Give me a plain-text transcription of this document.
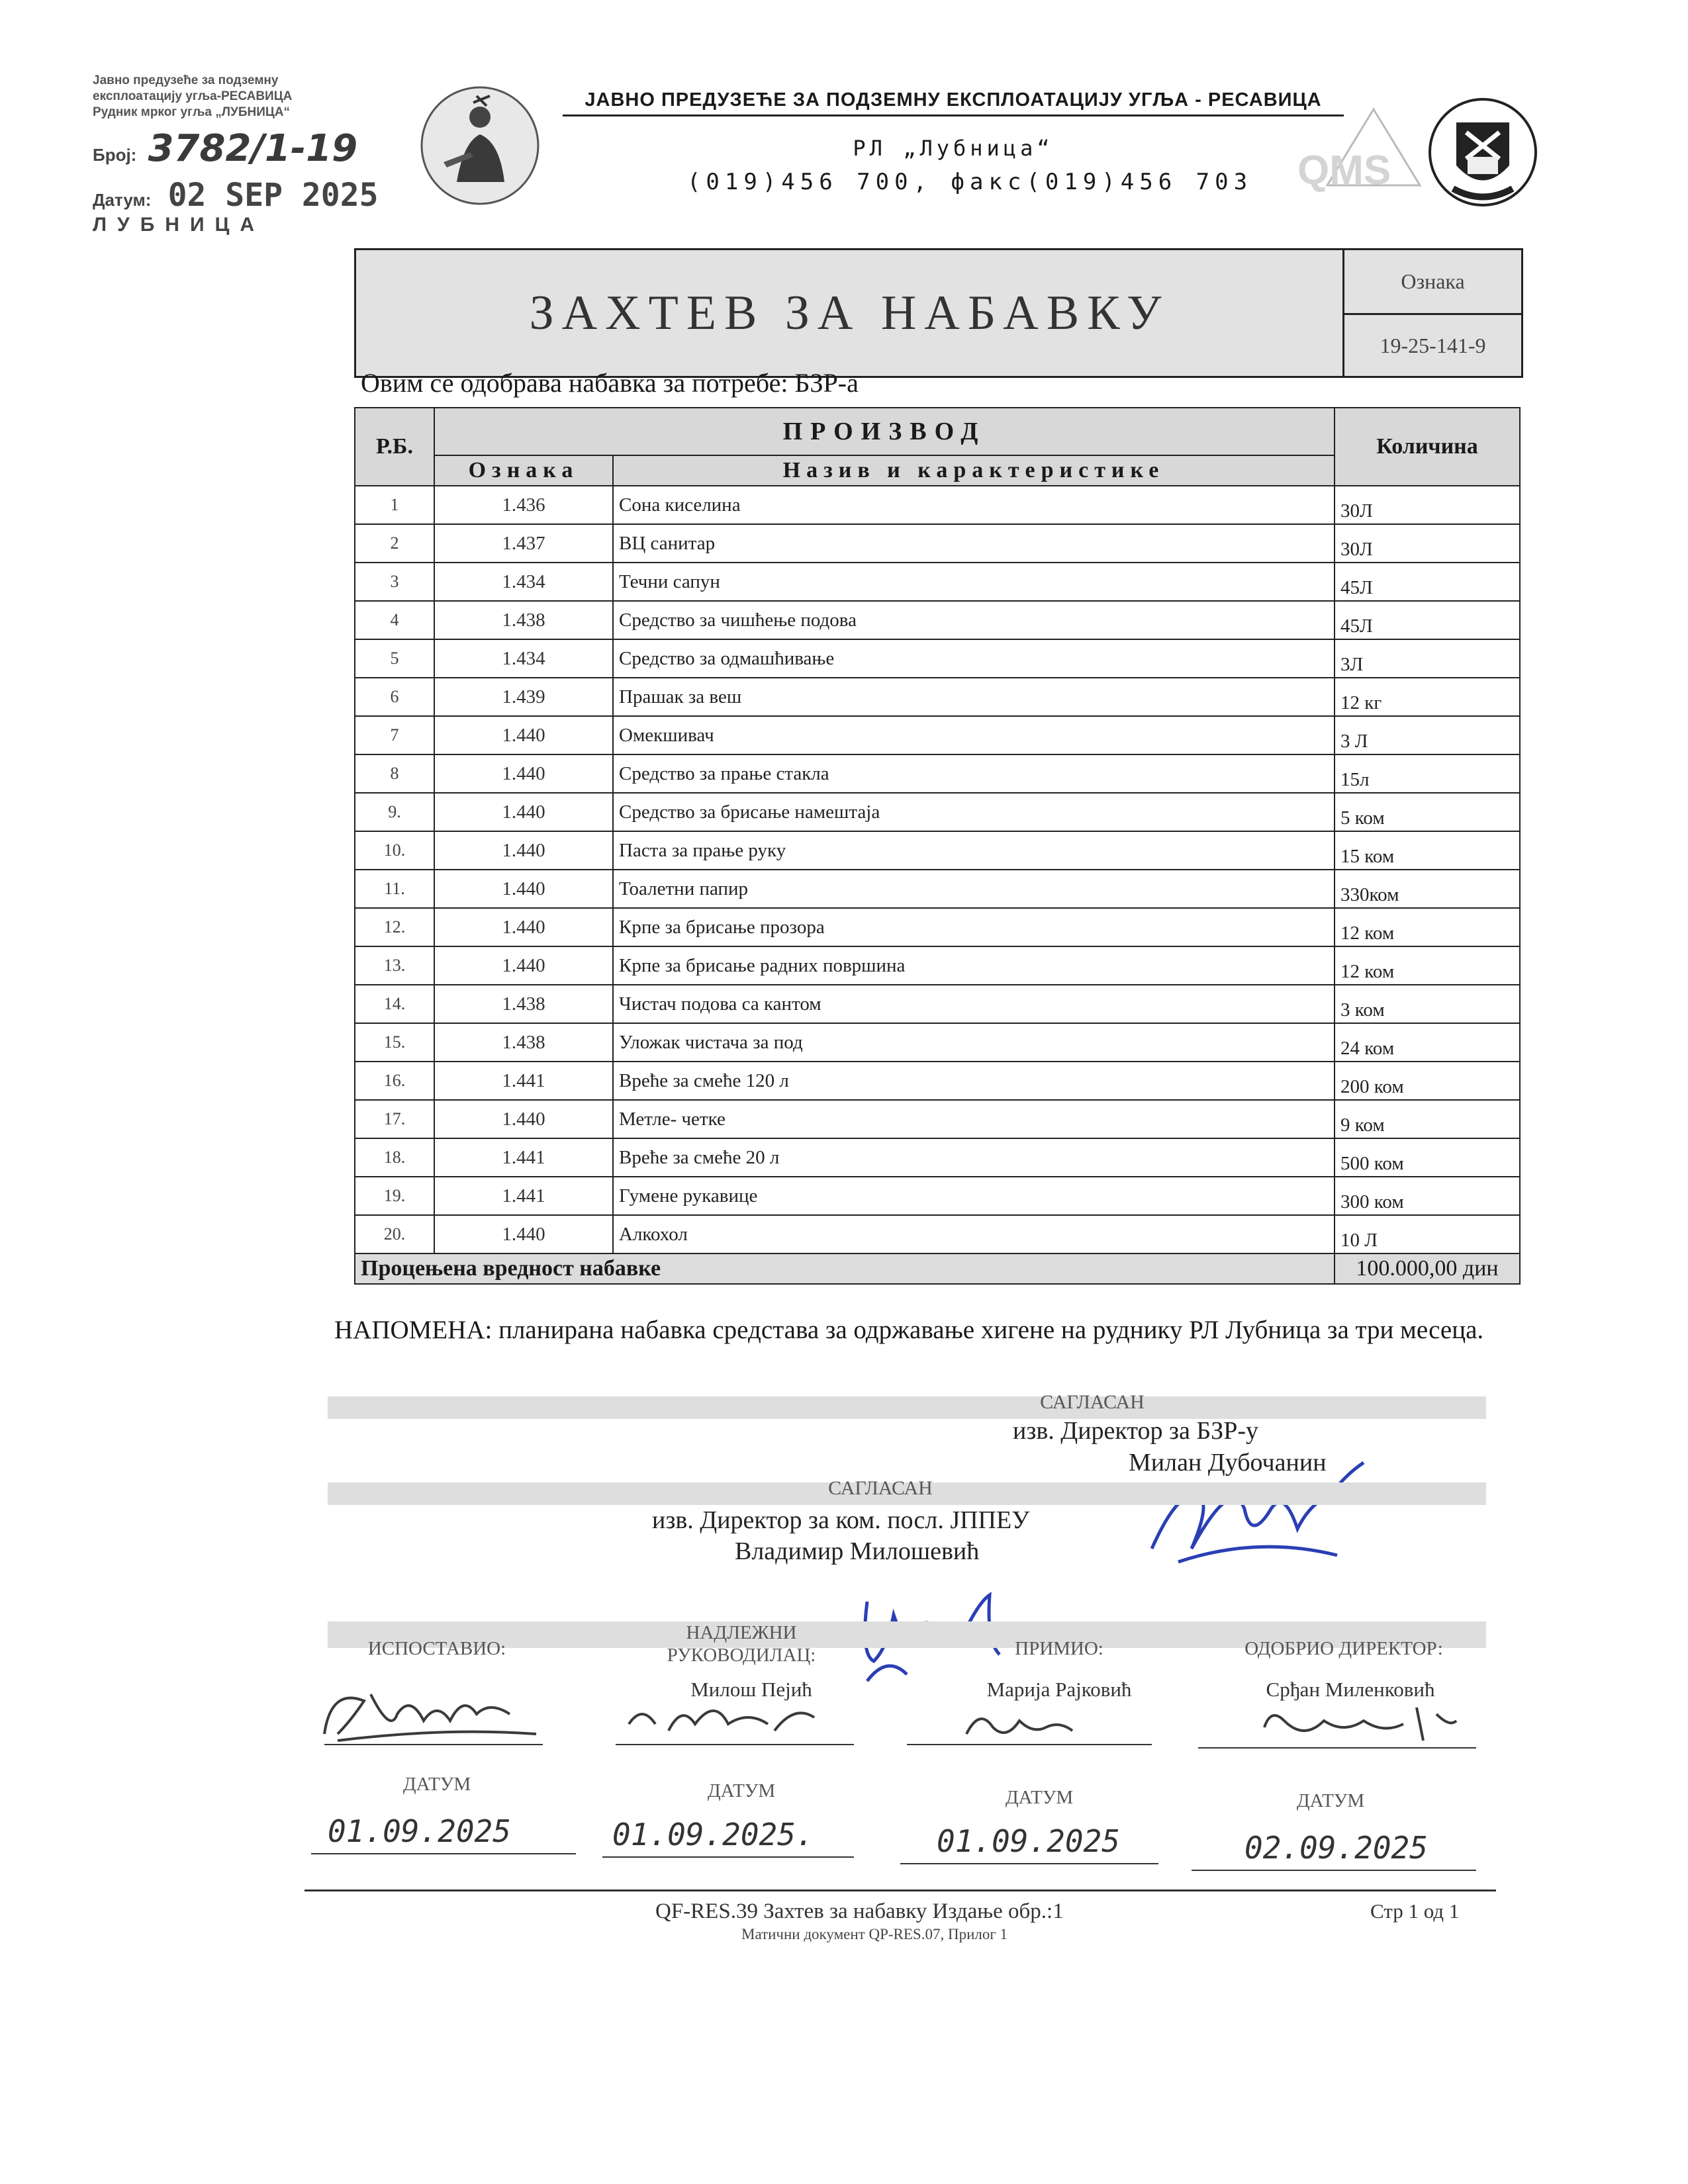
Јавно предузеће за подземну
експлоатацију угља-РЕСАВИЦА
Рудник мрког угља „ЛУБНИЦА“
Број: 3782/1-19
Датум: 02 SEP 2025
ЛУБНИЦА
ЈАВНО ПРЕДУЗЕЋЕ ЗА ПОДЗЕМНУ ЕКСПЛОАТАЦИЈУ УГЉА - РЕСАВИЦА
РЛ „Лубница“
(019)456 700, факс(019)456 703	QMS
ЗАХТЕВ ЗА НАБАВКУ
Ознака
19-25-141-9
Овим се одобрава набавка за потребе: БЗР-а
Р.Б.	ПРОИЗВОД		Количина
	Ознака	Назив и карактеристике	
1	1.436	Сона киселина	30Л
2	1.437	ВЦ санитар	30Л
3	1.434	Течни сапун	45Л
4	1.438	Средство за чишћење подова	45Л
5	1.434	Средство за одмашћивање	3Л
6	1.439	Прашак за веш	12 кг
7	1.440	Омекшивач	3 Л
8	1.440	Средство за прање стакла	15л
9.	1.440	Средство за брисање намештаја	5 ком
10.	1.440	Паста за прање руку	15 ком
11.	1.440	Тоалетни папир	330ком
12.	1.440	Крпе за брисање прозора	12 ком
13.	1.440	Крпе за брисање радних површина	12 ком
14.	1.438	Чистач подова са кантом	3 ком
15.	1.438	Уложак чистача за под	24 ком
16.	1.441	Вреће за смеће 120 л	200 ком
17.	1.440	Метле- четке	9 ком
18.	1.441	Вреће за смеће 20 л	500 ком
19.	1.441	Гумене рукавице	300 ком
20.	1.440	Алкохол	10 Л
Процењена вредност набавке			100.000,00 дин
НАПОМЕНА: планирана набавка средстава за одржавање хигене на руднику РЛ Лубница за три месеца.
САГЛАСАН
изв. Директор за БЗР-у
Милан Дубочанин
САГЛАСАН
изв. Директор за ком. посл. ЈППЕУ
Владимир Милошевић
ИСПОСТАВИО:
НАДЛЕЖНИ РУКОВОДИЛАЦ:	ПРИМИО:	ОДОБРИО ДИРЕКТОР:
Милош Пејић	Марија Рајковић	Срђан Миленковић
ДАТУМ	ДАТУМ	ДАТУМ	ДАТУМ
01.09.2025	01.09.2025.	01.09.2025	02.09.2025
QF-RES.39 Захтев за набавку Издање обр.:1
Матични документ QP-RES.07, Прилог 1
Стр 1 од 1
